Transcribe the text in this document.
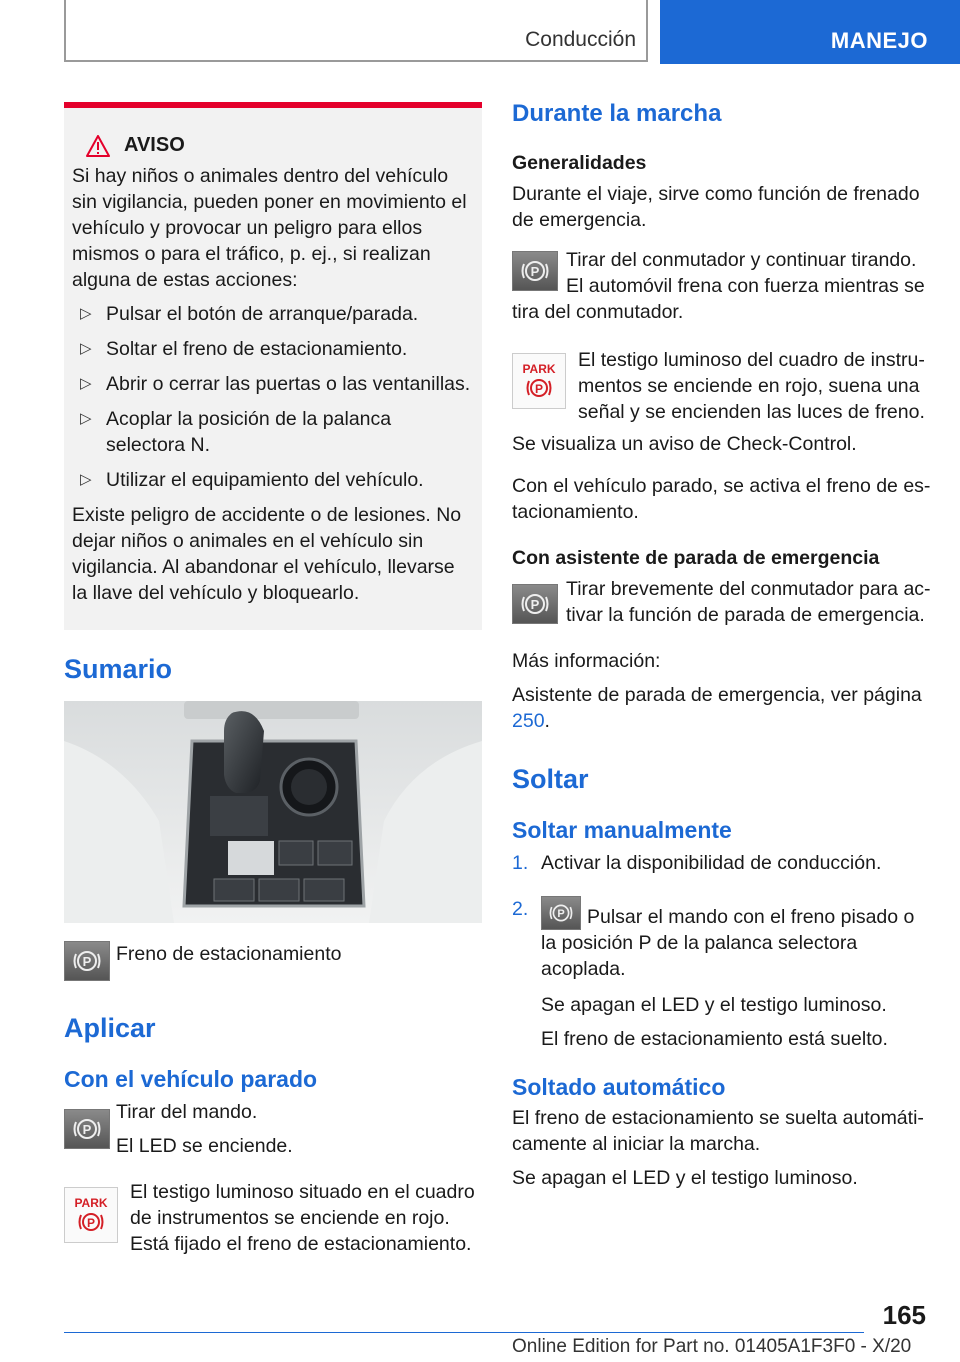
Conducción	MANEJO
AVISO

Si hay niños o animales dentro del vehículo sin vigilancia, pueden poner en movimiento el vehículo y provocar un peligro para ellos mismos o para el tráfico, p. ej., si realizan alguna de estas acciones:

▷ Pulsar el botón de arranque/parada.
▷ Soltar el freno de estacionamiento.
▷ Abrir o cerrar las puertas o las ventanillas.
▷ Acoplar la posición de la palanca selectora N.
▷ Utilizar el equipamiento del vehículo.

Existe peligro de accidente o de lesiones. No dejar niños o animales en el vehículo sin vigilancia. Al abandonar el vehículo, llevarse la llave del vehículo y bloquearlo.

Sumario
P Freno de estacionamiento

Aplicar
Con el vehículo parado
P

Tirar del mando.

El LED se enciende.

PARK
P

El testigo luminoso situado en el cuadro de instrumentos se enciende en rojo. Está fijado el freno de estacionamiento.

Durante la marcha
Generalidades

Durante el viaje, sirve como función de frenado de emergencia.

P

Tirar del conmutador y continuar tirando. El automóvil frena con fuerza mientras se tira del conmutador.

PARK
P

El testigo luminoso del cuadro de instrumentos se enciende en rojo, suena una señal y se encienden las luces de freno.

Se visualiza un aviso de Check-Control.

Con el vehículo parado, se activa el freno de estacionamiento.

Con asistente de parada de emergencia
P

Tirar brevemente del conmutador para activar la función de parada de emergencia.

Más información:

Asistente de parada de emergencia, ver página 250.

Soltar
Soltar manualmente
1. Activar la disponibilidad de conducción.
2. P Pulsar el mando con el freno pisado o la posición P de la palanca selectora acoplada.

Se apagan el LED y el testigo luminoso.

El freno de estacionamiento está suelto.

Soltado automático

El freno de estacionamiento se suelta automáticamente al iniciar la marcha.

Se apagan el LED y el testigo luminoso.

165
Online Edition for Part no. 01405A1F3F0 - X/20
